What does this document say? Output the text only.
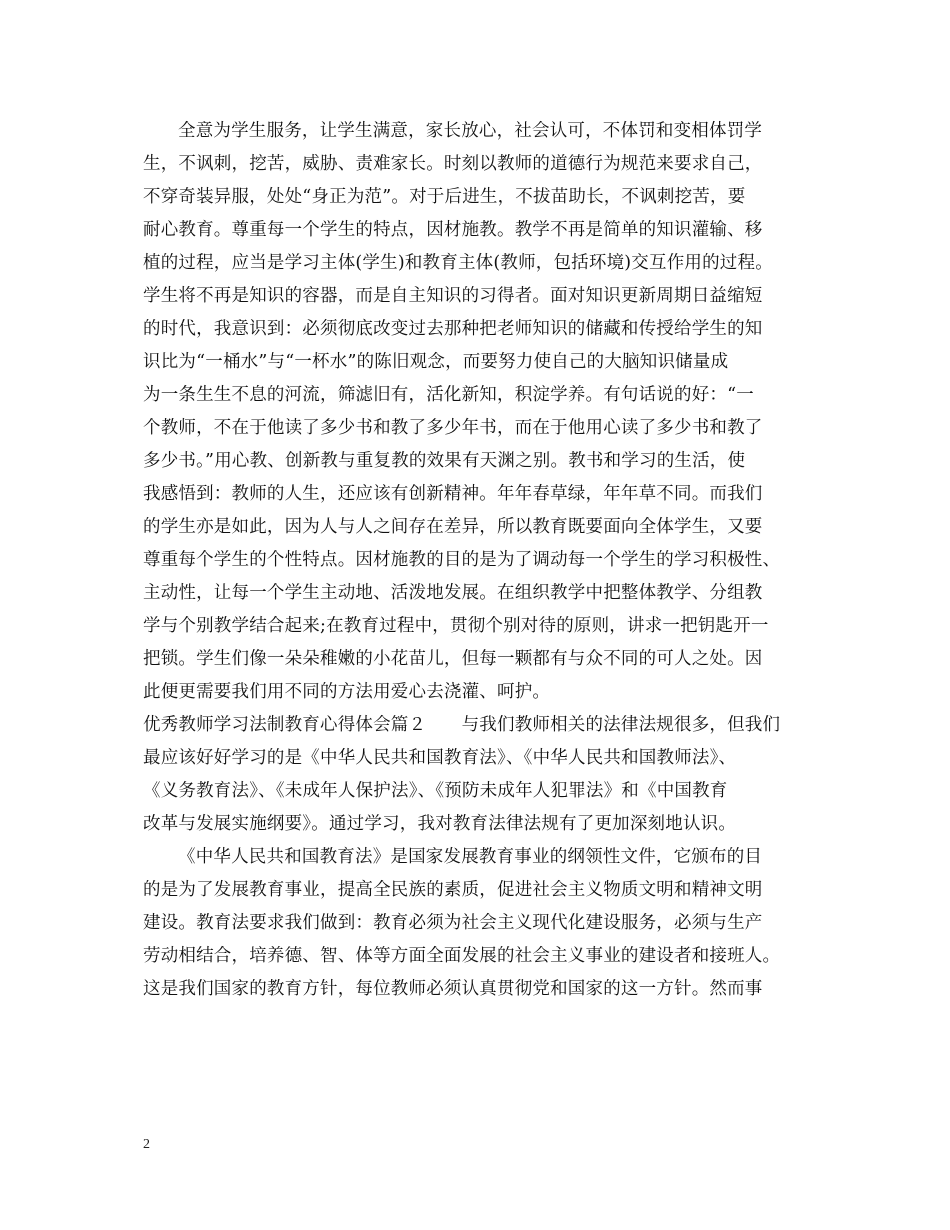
全意为学生服务，让学生满意，家长放心，社会认可，不体罚和变相体罚学
生，不讽刺，挖苦，威胁、责难家长。时刻以教师的道德行为规范来要求自己，
不穿奇装异服，处处“身正为范”。对于后进生，不拔苗助长，不讽刺挖苦，要
耐心教育。尊重每一个学生的特点，因材施教。教学不再是简单的知识灌输、移
植的过程，应当是学习主体(学生)和教育主体(教师，包括环境)交互作用的过程。
学生将不再是知识的容器，而是自主知识的习得者。面对知识更新周期日益缩短
的时代，我意识到：必须彻底改变过去那种把老师知识的储藏和传授给学生的知
识比为“一桶水”与“一杯水”的陈旧观念，而要努力使自己的大脑知识储量成
为一条生生不息的河流，筛滤旧有，活化新知，积淀学养。有句话说的好：“一
个教师，不在于他读了多少书和教了多少年书，而在于他用心读了多少书和教了
多少书。”用心教、创新教与重复教的效果有天渊之别。教书和学习的生活，使
我感悟到：教师的人生，还应该有创新精神。年年春草绿，年年草不同。而我们
的学生亦是如此，因为人与人之间存在差异，所以教育既要面向全体学生，又要
尊重每个学生的个性特点。因材施教的目的是为了调动每一个学生的学习积极性、
主动性，让每一个学生主动地、活泼地发展。在组织教学中把整体教学、分组教
学与个别教学结合起来;在教育过程中，贯彻个别对待的原则，讲求一把钥匙开一
把锁。学生们像一朵朵稚嫩的小花苗儿，但每一颗都有与众不同的可人之处。因
此便更需要我们用不同的方法用爱心去浇灌、呵护。
优秀教师学习法制教育心得体会篇２　　与我们教师相关的法律法规很多，但我们
最应该好好学习的是《中华人民共和国教育法》、《中华人民共和国教师法》、
《义务教育法》、《未成年人保护法》、《预防未成年人犯罪法》和《中国教育
改革与发展实施纲要》。通过学习，我对教育法律法规有了更加深刻地认识。
《中华人民共和国教育法》是国家发展教育事业的纲领性文件，它颁布的目
的是为了发展教育事业，提高全民族的素质，促进社会主义物质文明和精神文明
建设。教育法要求我们做到：教育必须为社会主义现代化建设服务，必须与生产
劳动相结合，培养德、智、体等方面全面发展的社会主义事业的建设者和接班人。
这是我们国家的教育方针，每位教师必须认真贯彻党和国家的这一方针。然而事
2
